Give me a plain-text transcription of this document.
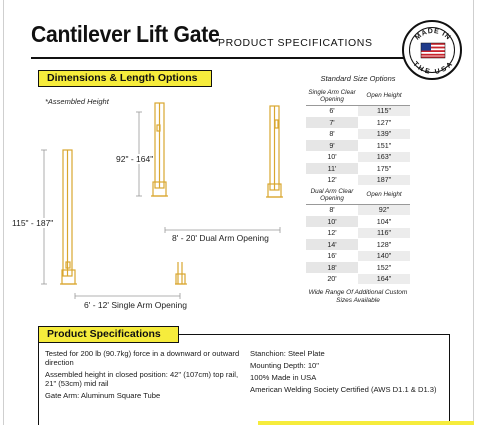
Cantilever Lift Gate
PRODUCT SPECIFICATIONS
MADE IN
THE USA
Dimensions & Length Options
*Assembled Height
115" - 187"
92" - 164"
8' - 20' Dual Arm Opening
6' - 12' Single Arm Opening
Standard Size Options
Single Arm Clear Opening	Open Height
6'	115"
7'	127"
8'	139"
9'	151"
10'	163"
11'	175"
12'	187"
Dual Arm Clear Opening	Open Height
8'	92"
10'	104"
12'	116"
14'	128"
16'	140"
18'	152"
20'	164"
Wide Range Of Additional Custom Sizes Available
Product Specifications

Tested for 200 lb (90.7kg) force in a downward or outward direction

Assembled height in closed position: 42" (107cm) top rail, 21" (53cm) mid rail

Gate Arm: Aluminum Square Tube

Stanchion: Steel Plate

Mounting Depth: 10"

100% Made in USA

American Welding Society Certified (AWS D1.1 & D1.3)
